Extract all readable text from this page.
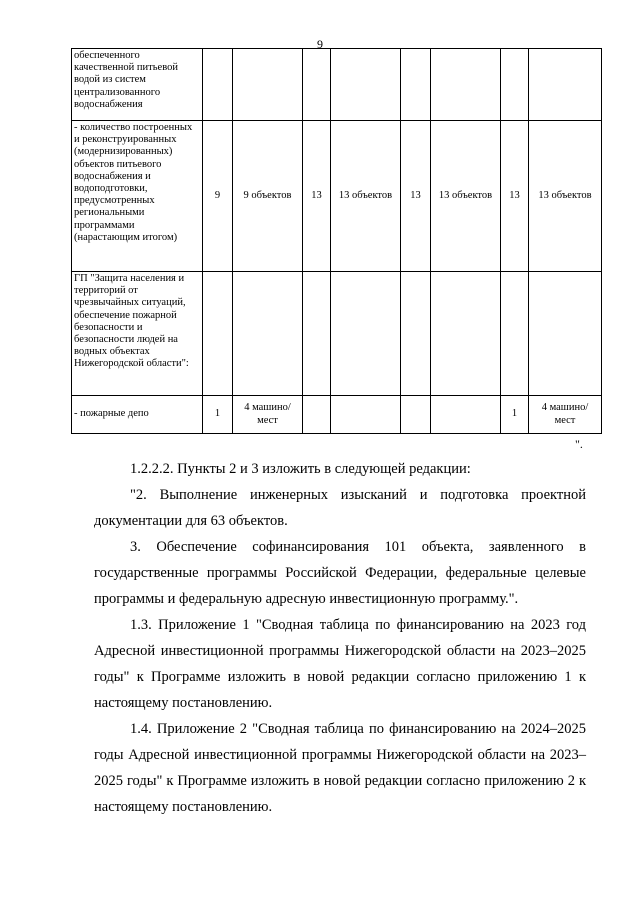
9
обеспеченного качественной питьевой водой из систем централизованного водоснабжения								
- количество построенных и реконструированных (модернизированных) объектов питьевого водоснабжения и водоподготовки, предусмотренных региональными программами (нарастающим итогом)	9	9 объектов	13	13 объектов	13	13 объектов	13	13 объектов
ГП "Защита населения и территорий от чрезвычайных ситуаций, обеспечение пожарной безопасности и безопасности людей на водных объектах Нижегородской области":								
- пожарные депо	1	4 машино/ мест					1	4 машино/ мест
".

1.2.2.2. Пункты 2 и 3 изложить в следующей редакции:

"2. Выполнение инженерных изысканий и подготовка проектной документации для 63 объектов.

3. Обеспечение софинансирования 101 объекта, заявленного в государственные программы Российской Федерации, федеральные целевые программы и федеральную адресную инвестиционную программу.".

1.3. Приложение 1 "Сводная таблица по финансированию на 2023 год Адресной инвестиционной программы Нижегородской области на 2023–2025 годы" к Программе изложить в новой редакции согласно приложению 1 к настоящему постановлению.

1.4. Приложение 2 "Сводная таблица по финансированию на 2024–2025 годы Адресной инвестиционной программы Нижегородской области на 2023–2025 годы" к Программе изложить в новой редакции согласно приложению 2 к настоящему постановлению.
